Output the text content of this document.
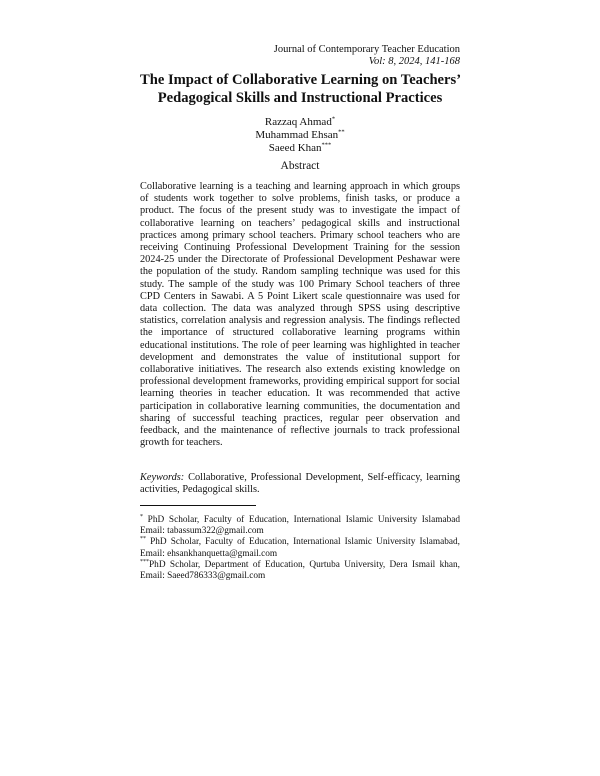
Journal of Contemporary Teacher Education
Vol: 8, 2024, 141-168
The Impact of Collaborative Learning on Teachers’
Pedagogical Skills and Instructional Practices
Razzaq Ahmad*
Muhammad Ehsan**
Saeed Khan***
Abstract

Collaborative learning is a teaching and learning approach in which groups of students work together to solve problems, finish tasks, or produce a product. The focus of the present study was to investigate the impact of collaborative learning on teachers’ pedagogical skills and instructional practices among primary school teachers. Primary school teachers who are receiving Continuing Professional Development Training for the session 2024-25 under the Directorate of Professional Development Peshawar were the population of the study. Random sampling technique was used for this study. The sample of the study was 100 Primary School teachers of three CPD Centers in Sawabi. A 5 Point Likert scale questionnaire was used for data collection. The data was analyzed through SPSS using descriptive statistics, correlation analysis and regression analysis. The findings reflected the importance of structured collaborative learning programs within educational institutions. The role of peer learning was highlighted in teacher development and demonstrates the value of institutional support for collaborative initiatives. The research also extends existing knowledge on professional development frameworks, providing empirical support for social learning theories in teacher education. It was recommended that active participation in collaborative learning communities, the documentation and sharing of successful teaching practices, regular peer observation and feedback, and the maintenance of reflective journals to track professional growth for teachers.

Keywords: Collaborative, Professional Development, Self-efficacy, learning activities, Pedagogical skills.

* PhD Scholar, Faculty of Education, International Islamic University Islamabad Email: tabassum322@gmail.com

** PhD Scholar, Faculty of Education, International Islamic University Islamabad, Email: ehsankhanquetta@gmail.com

***PhD Scholar, Department of Education, Qurtuba University, Dera Ismail khan, Email: Saeed786333@gmail.com
